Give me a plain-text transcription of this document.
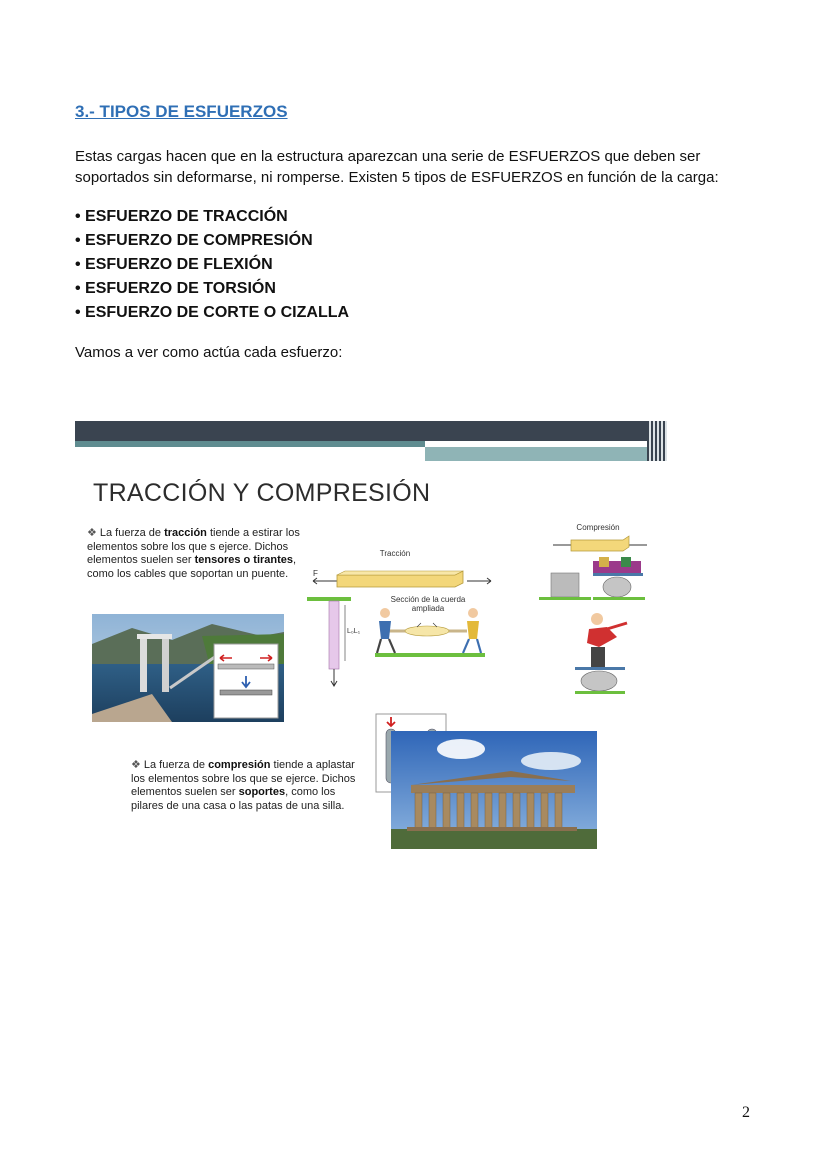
3.- TIPOS DE ESFUERZOS
Estas cargas hacen que en la estructura aparezcan una serie de ESFUERZOS que deben ser soportados sin deformarse, ni romperse. Existen 5 tipos de ESFUERZOS en función de la carga:
• ESFUERZO DE TRACCIÓN
• ESFUERZO DE COMPRESIÓN
• ESFUERZO DE FLEXIÓN
• ESFUERZO DE TORSIÓN
• ESFUERZO DE CORTE O CIZALLA
Vamos a ver como actúa cada esfuerzo:
TRACCIÓN Y COMPRESIÓN
❖ La fuerza de tracción tiende a estirar los elementos sobre los que s ejerce. Dichos elementos suelen ser tensores o tirantes, como los cables que soportan un puente.
Tracción
L₀L₁
Sección de la cuerda ampliada
F
Compresión
❖ La fuerza de compresión tiende a aplastar los elementos sobre los que se ejerce. Dichos elementos suelen ser soportes, como los pilares de una casa o las patas de una silla.
2
